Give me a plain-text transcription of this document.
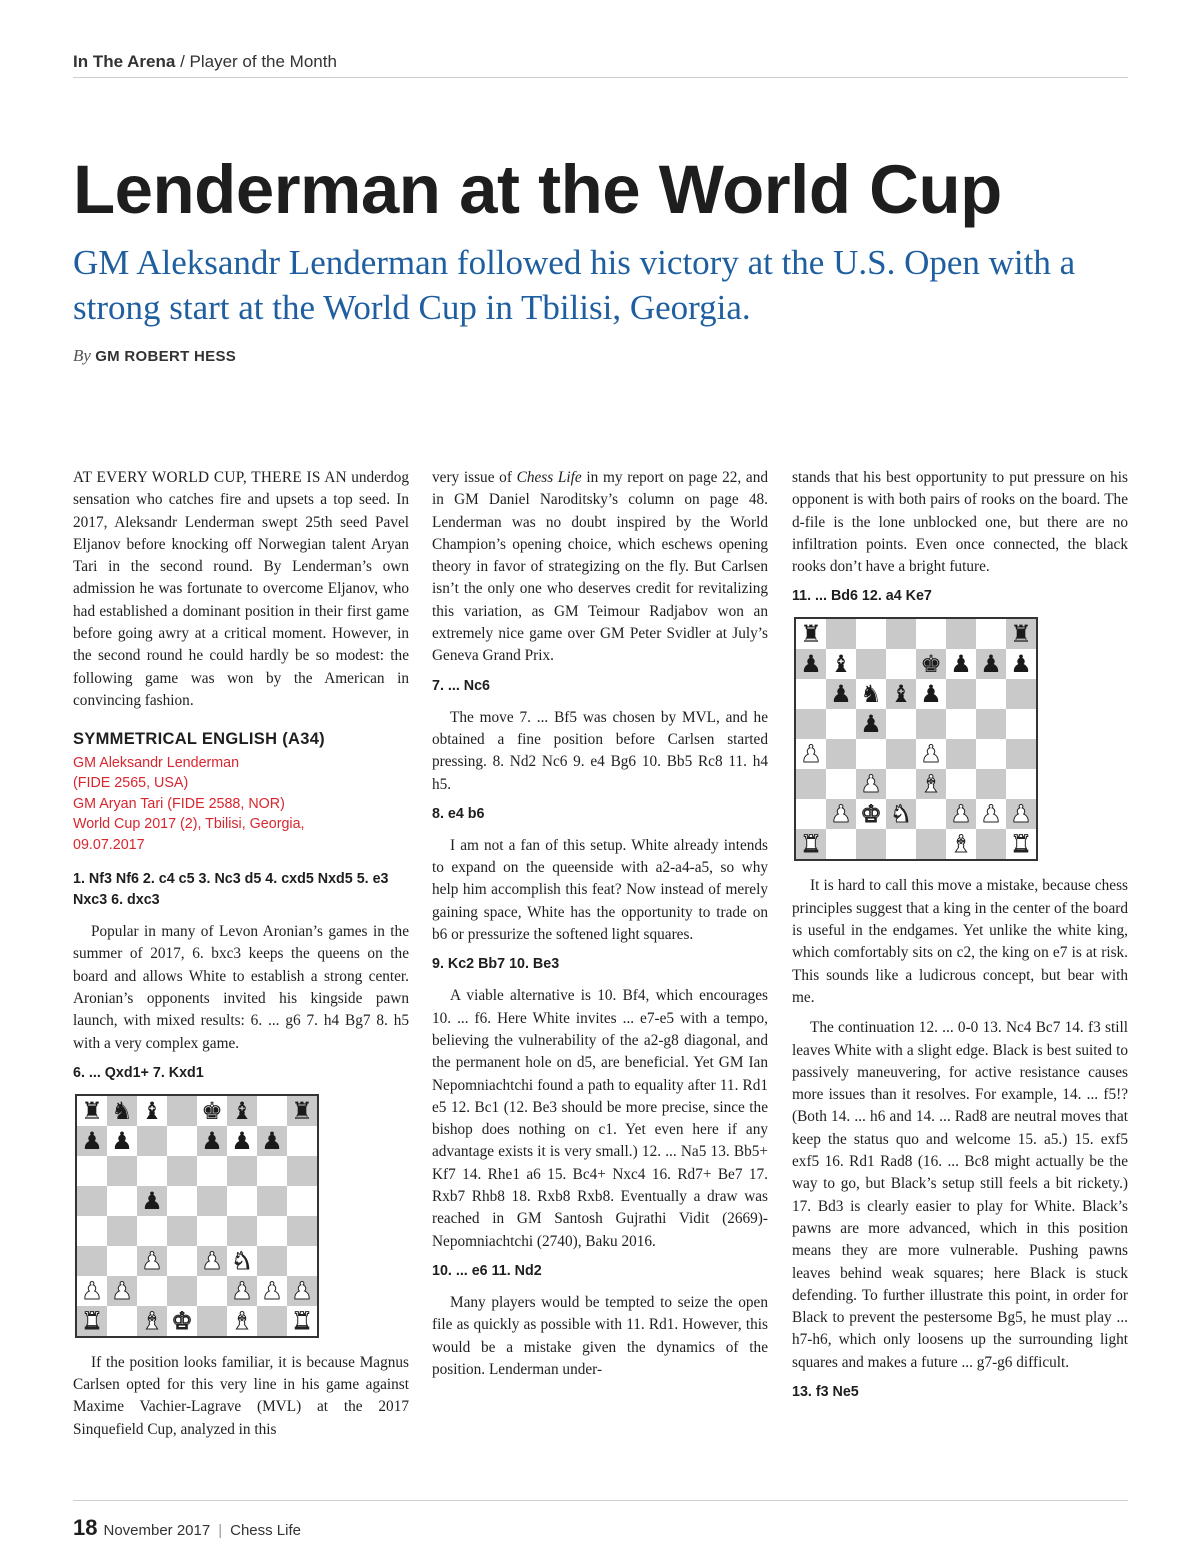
In The Arena / Player of the Month
Lenderman at the World Cup
GM Aleksandr Lenderman followed his victory at the U.S. Open with a strong start at the World Cup in Tbilisi, Georgia.
By GM ROBERT HESS

AT EVERY WORLD CUP, THERE IS AN underdog sensation who catches fire and upsets a top seed. In 2017, Aleksandr Lenderman swept 25th seed Pavel Eljanov before knocking off Norwegian talent Aryan Tari in the second round. By Lenderman’s own admission he was fortunate to overcome Eljanov, who had established a dominant position in their first game before going awry at a critical moment. However, in the second round he could hardly be so modest: the following game was won by the American in convincing fashion.

SYMMETRICAL ENGLISH (A34)
GM Aleksandr Lenderman
(FIDE 2565, USA)
GM Aryan Tari (FIDE 2588, NOR)
World Cup 2017 (2), Tbilisi, Georgia,
09.07.2017
1. Nf3 Nf6 2. c4 c5 3. Nc3 d5 4. cxd5 Nxd5 5. e3 Nxc3 6. dxc3

Popular in many of Levon Aronian’s games in the summer of 2017, 6. bxc3 keeps the queens on the board and allows White to establish a strong center. Aronian’s opponents invited his kingside pawn launch, with mixed results: 6. ... g6 7. h4 Bg7 8. h5 with a very complex game.

6. ... Qxd1+ 7. Kxd1
♜ ♞ ♝ ♚ ♝ ♜
♟ ♟	♟ ♟ ♟
♟
♟ ♟ ♞
♟ ♟	♟ ♟ ♟
♜ ♝ ♚ ♝ ♜

If the position looks familiar, it is because Magnus Carlsen opted for this very line in his game against Maxime Vachier-Lagrave (MVL) at the 2017 Sinquefield Cup, analyzed in this

very issue of Chess Life in my report on page 22, and in GM Daniel Naroditsky’s column on page 48. Lenderman was no doubt inspired by the World Champion’s opening choice, which eschews opening theory in favor of strategizing on the fly. But Carlsen isn’t the only one who deserves credit for revitalizing this variation, as GM Teimour Radjabov won an extremely nice game over GM Peter Svidler at July’s Geneva Grand Prix.

7. ... Nc6

The move 7. ... Bf5 was chosen by MVL, and he obtained a fine position before Carlsen started pressing. 8. Nd2 Nc6 9. e4 Bg6 10. Bb5 Rc8 11. h4 h5.

8. e4 b6

I am not a fan of this setup. White already intends to expand on the queenside with a2-a4-a5, so why help him accomplish this feat? Now instead of merely gaining space, White has the opportunity to trade on b6 or pressurize the softened light squares.

9. Kc2 Bb7 10. Be3

A viable alternative is 10. Bf4, which encourages 10. ... f6. Here White invites ... e7-e5 with a tempo, believing the vulnerability of the a2-g8 diagonal, and the permanent hole on d5, are beneficial. Yet GM Ian Nepomniachtchi found a path to equality after 11. Rd1 e5 12. Bc1 (12. Be3 should be more precise, since the bishop does nothing on c1. Yet even here if any advantage exists it is very small.) 12. ... Na5 13. Bb5+ Kf7 14. Rhe1 a6 15. Bc4+ Nxc4 16. Rd7+ Be7 17. Rxb7 Rhb8 18. Rxb8 Rxb8. Eventually a draw was reached in GM Santosh Gujrathi Vidit (2669)-Nepomniachtchi (2740), Baku 2016.

10. ... e6 11. Nd2

Many players would be tempted to seize the open file as quickly as possible with 11. Rd1. However, this would be a mistake given the dynamics of the position. Lenderman under-

stands that his best opportunity to put pressure on his opponent is with both pairs of rooks on the board. The d-file is the lone unblocked one, but there are no infiltration points. Even once connected, the black rooks don’t have a bright future.

11. ... Bd6 12. a4 Ke7
♜	♜
♟ ♝	♚ ♟ ♟ ♟
♟ ♞ ♝ ♟
♟
♟	♟
♟ ♝
♟ ♚ ♞ ♟ ♟ ♟
♜	♝ ♜

It is hard to call this move a mistake, because chess principles suggest that a king in the center of the board is useful in the endgames. Yet unlike the white king, which comfortably sits on c2, the king on e7 is at risk. This sounds like a ludicrous concept, but bear with me.

The continuation 12. ... 0-0 13. Nc4 Bc7 14. f3 still leaves White with a slight edge. Black is best suited to passively maneuvering, for active resistance causes more issues than it resolves. For example, 14. ... f5!? (Both 14. ... h6 and 14. ... Rad8 are neutral moves that keep the status quo and welcome 15. a5.) 15. exf5 exf5 16. Rd1 Rad8 (16. ... Bc8 might actually be the way to go, but Black’s setup still feels a bit rickety.) 17. Bd3 is clearly easier to play for White. Black’s pawns are more advanced, which in this position means they are more vulnerable. Pushing pawns leaves behind weak squares; here Black is stuck defending. To further illustrate this point, in order for Black to prevent the pestersome Bg5, he must play ... h7-h6, which only loosens up the surrounding light squares and makes a future ... g7-g6 difficult.

13. f3 Ne5
18 November 2017 | Chess Life
